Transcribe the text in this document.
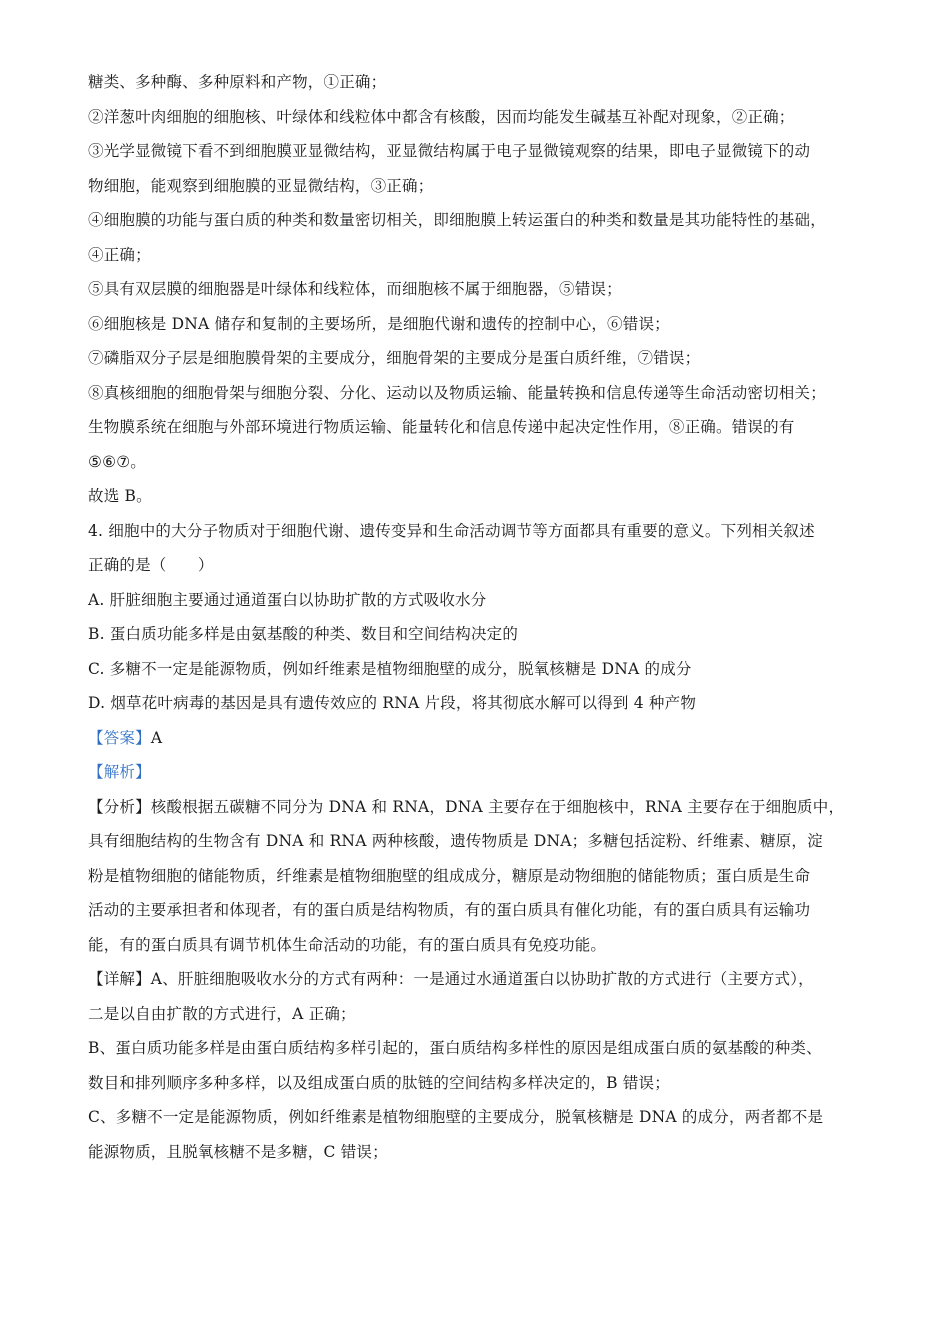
糖类、多种酶、多种原料和产物，①正确；
②洋葱叶肉细胞的细胞核、叶绿体和线粒体中都含有核酸，因而均能发生碱基互补配对现象，②正确；
③光学显微镜下看不到细胞膜亚显微结构，亚显微结构属于电子显微镜观察的结果，即电子显微镜下的动
物细胞，能观察到细胞膜的亚显微结构，③正确；
④细胞膜的功能与蛋白质的种类和数量密切相关，即细胞膜上转运蛋白的种类和数量是其功能特性的基础，
④正确；
⑤具有双层膜的细胞器是叶绿体和线粒体，而细胞核不属于细胞器，⑤错误；
⑥细胞核是 DNA 储存和复制的主要场所，是细胞代谢和遗传的控制中心，⑥错误；
⑦磷脂双分子层是细胞膜骨架的主要成分，细胞骨架的主要成分是蛋白质纤维，⑦错误；
⑧真核细胞的细胞骨架与细胞分裂、分化、运动以及物质运输、能量转换和信息传递等生命活动密切相关；
生物膜系统在细胞与外部环境进行物质运输、能量转化和信息传递中起决定性作用，⑧正确。错误的有
⑤⑥⑦。
故选 B。
4. 细胞中的大分子物质对于细胞代谢、遗传变异和生命活动调节等方面都具有重要的意义。下列相关叙述
正确的是（　　）
A. 肝脏细胞主要通过通道蛋白以协助扩散的方式吸收水分
B. 蛋白质功能多样是由氨基酸的种类、数目和空间结构决定的
C. 多糖不一定是能源物质，例如纤维素是植物细胞壁的成分，脱氧核糖是 DNA 的成分
D. 烟草花叶病毒的基因是具有遗传效应的 RNA 片段，将其彻底水解可以得到 4 种产物
【答案】A
【解析】
【分析】核酸根据五碳糖不同分为 DNA 和 RNA，DNA 主要存在于细胞核中，RNA 主要存在于细胞质中，
具有细胞结构的生物含有 DNA 和 RNA 两种核酸，遗传物质是 DNA；多糖包括淀粉、纤维素、糖原，淀
粉是植物细胞的储能物质，纤维素是植物细胞壁的组成成分，糖原是动物细胞的储能物质；蛋白质是生命
活动的主要承担者和体现者，有的蛋白质是结构物质，有的蛋白质具有催化功能，有的蛋白质具有运输功
能，有的蛋白质具有调节机体生命活动的功能，有的蛋白质具有免疫功能。
【详解】A、肝脏细胞吸收水分的方式有两种：一是通过水通道蛋白以协助扩散的方式进行（主要方式），
二是以自由扩散的方式进行，A 正确；
B、蛋白质功能多样是由蛋白质结构多样引起的，蛋白质结构多样性的原因是组成蛋白质的氨基酸的种类、
数目和排列顺序多种多样，以及组成蛋白质的肽链的空间结构多样决定的，B 错误；
C、多糖不一定是能源物质，例如纤维素是植物细胞壁的主要成分，脱氧核糖是 DNA 的成分，两者都不是
能源物质，且脱氧核糖不是多糖，C 错误；
